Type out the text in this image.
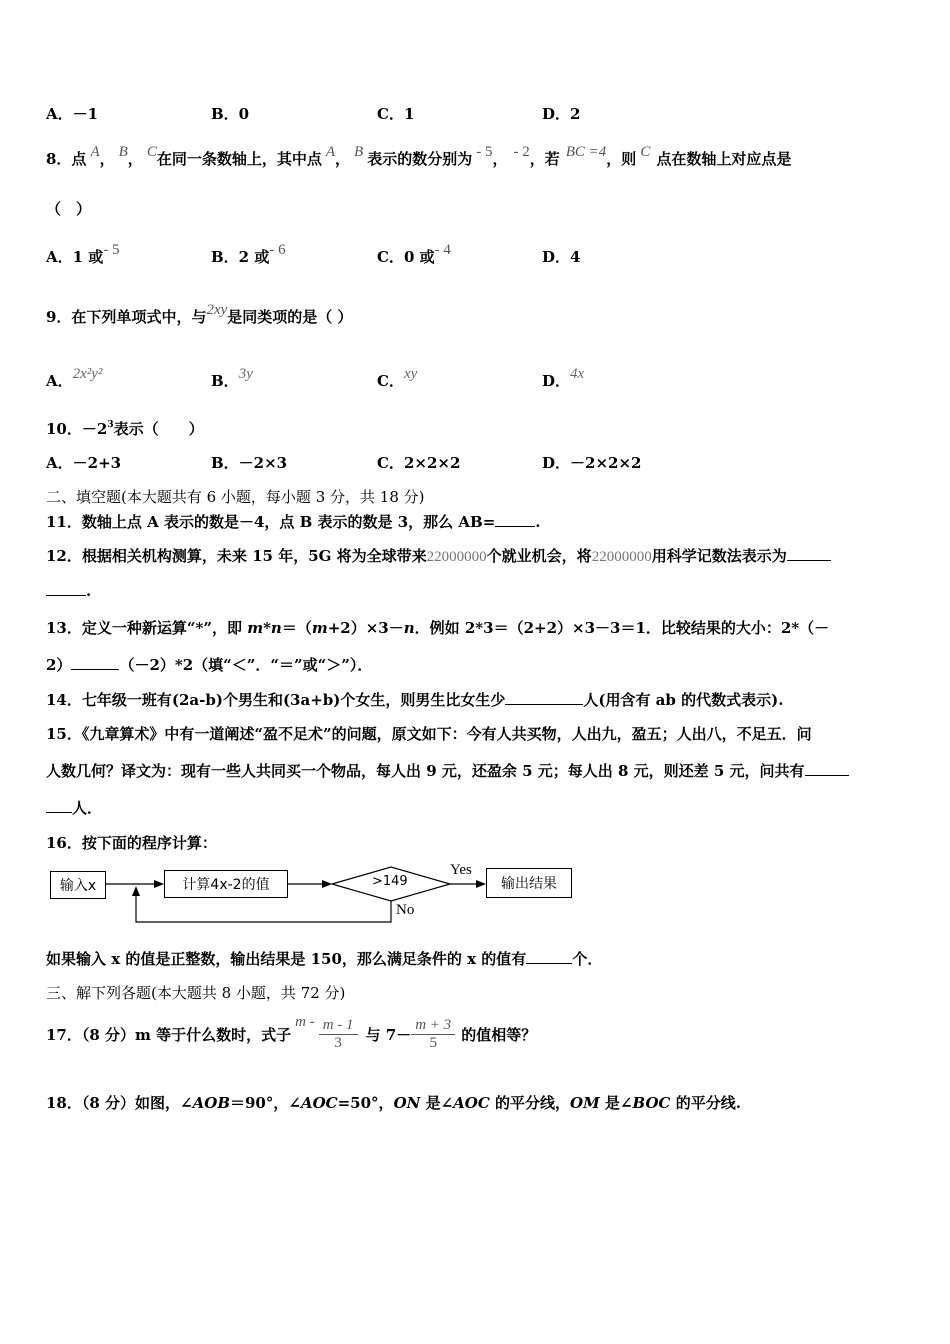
A．－1	B．0	C．1	D．2
8．点 A， B， C在同一条数轴上，其中点 A， B 表示的数分别为 - 5， - 2，若 BC =4，则 C 点在数轴上对应点是
（　）
A．1 或- 5	B．2 或- 6	C．0 或- 4	D．4
9．在下列单项式中，与2xy是同类项的是（ ）
A．2x²y²	B．3y	C．xy	D．4x
10．$-2^3$表示（　　）
A．－2+3	B．－2×3	C．2×2×2	D．－2×2×2
二、填空题(本大题共有 6 小题，每小题 3 分，共 18 分)
11．数轴上点 A 表示的数是－4，点 B 表示的数是 3，那么 AB=	.
12．根据相关机构测算，未来 15 年，5G 将为全球带来22000000个就业机会，将22000000用科学记数法表示为
.
13．定义一种新运算“*”，即 m*n＝（m+2）×3－n．例如 2*3＝（2+2）×3－3＝1．比较结果的大小：2*（－
2）	（－2）*2（填“＜”．“＝”或“＞”）．
14．七年级一班有(2a-b)个男生和(3a+b)个女生，则男生比女生少	人(用含有 ab 的代数式表示).
15．《九章算术》中有一道阐述“盈不足术”的问题，原文如下：今有人共买物，人出九，盈五；人出八，不足五．问
人数几何？译文为：现有一些人共同买一个物品，每人出 9 元，还盈余 5 元；每人出 8 元，则还差 5 元，问共有
人．
16．按下面的程序计算：
输入x	计算4x-2的值	>149
Yes
No
输出结果
如果输入 x 的值是正整数，输出结果是 150，那么满足条件的 x 的值有	个．
三、解下列各题(本大题共 8 小题，共 72 分)
17．（8 分）m 等于什么数时，式子
m - $\frac{m - 1}{3}$ 与 $7- \frac{m + 3}{5}$ 的值相等？
18．（8 分）如图，∠AOB＝90°，∠AOC=50°，ON 是∠AOC 的平分线，OM 是∠BOC 的平分线.
